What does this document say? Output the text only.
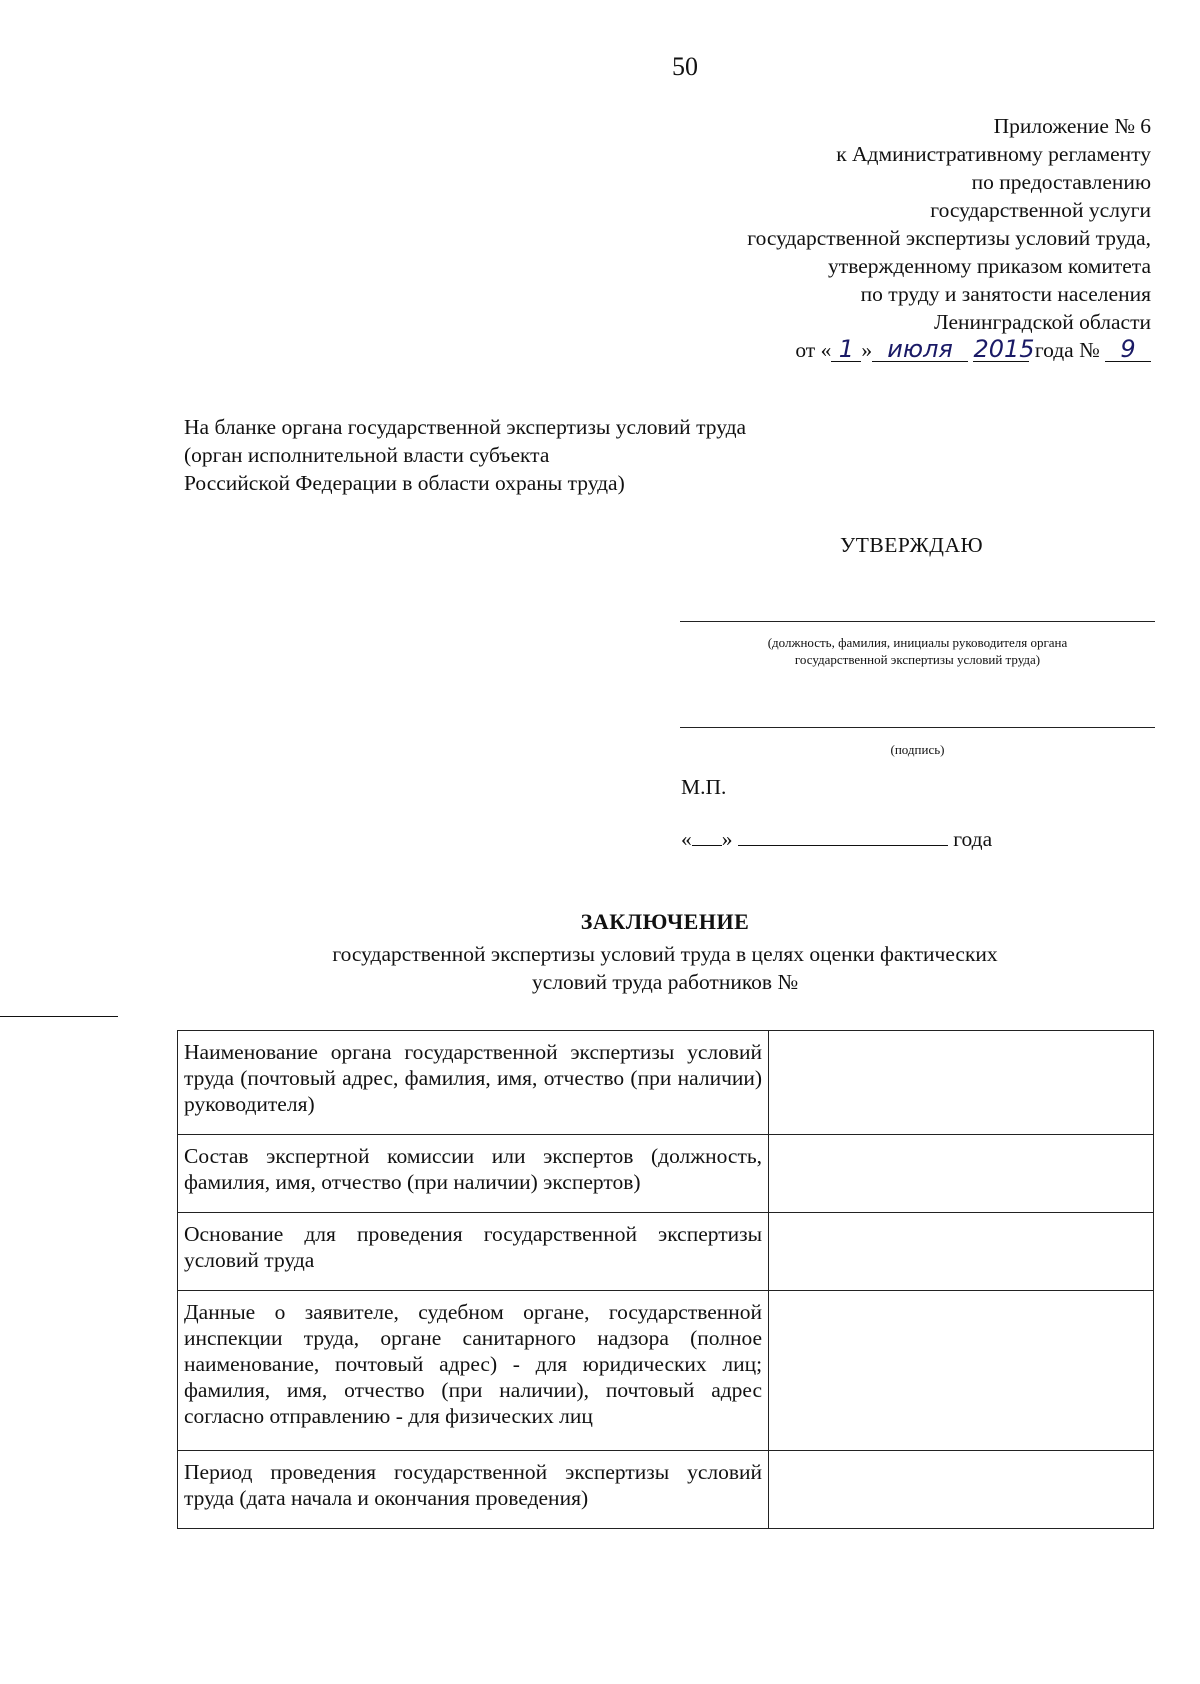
50
Приложение № 6
к Административному регламенту
по предоставлению
государственной услуги
государственной экспертизы условий труда,
утвержденному приказом комитета
по труду и занятости населения
Ленинградской области
от « 1 » июля 2015 года № 9
На бланке органа государственной экспертизы условий труда
(орган исполнительной власти субъекта
Российской Федерации в области охраны труда)
УТВЕРЖДАЮ
(должность, фамилия, инициалы руководителя органа
государственной экспертизы условий труда)
(подпись)
М.П.
« »	года
ЗАКЛЮЧЕНИЕ
государственной экспертизы условий труда в целях оценки фактических
условий труда работников №
Наименование органа государственной экспертизы условий труда (почтовый адрес, фамилия, имя, отчество (при наличии) руководителя)	
Состав экспертной комиссии или экспертов (должность, фамилия, имя, отчество (при наличии) экспертов)	
Основание для проведения государственной экспертизы условий труда	
Данные о заявителе, судебном органе, государственной инспекции труда, органе санитарного надзора (полное наименование, почтовый адрес) - для юридических лиц; фамилия, имя, отчество (при наличии), почтовый адрес согласно отправлению - для физических лиц	
Период проведения государственной экспертизы условий труда (дата начала и окончания проведения)	
